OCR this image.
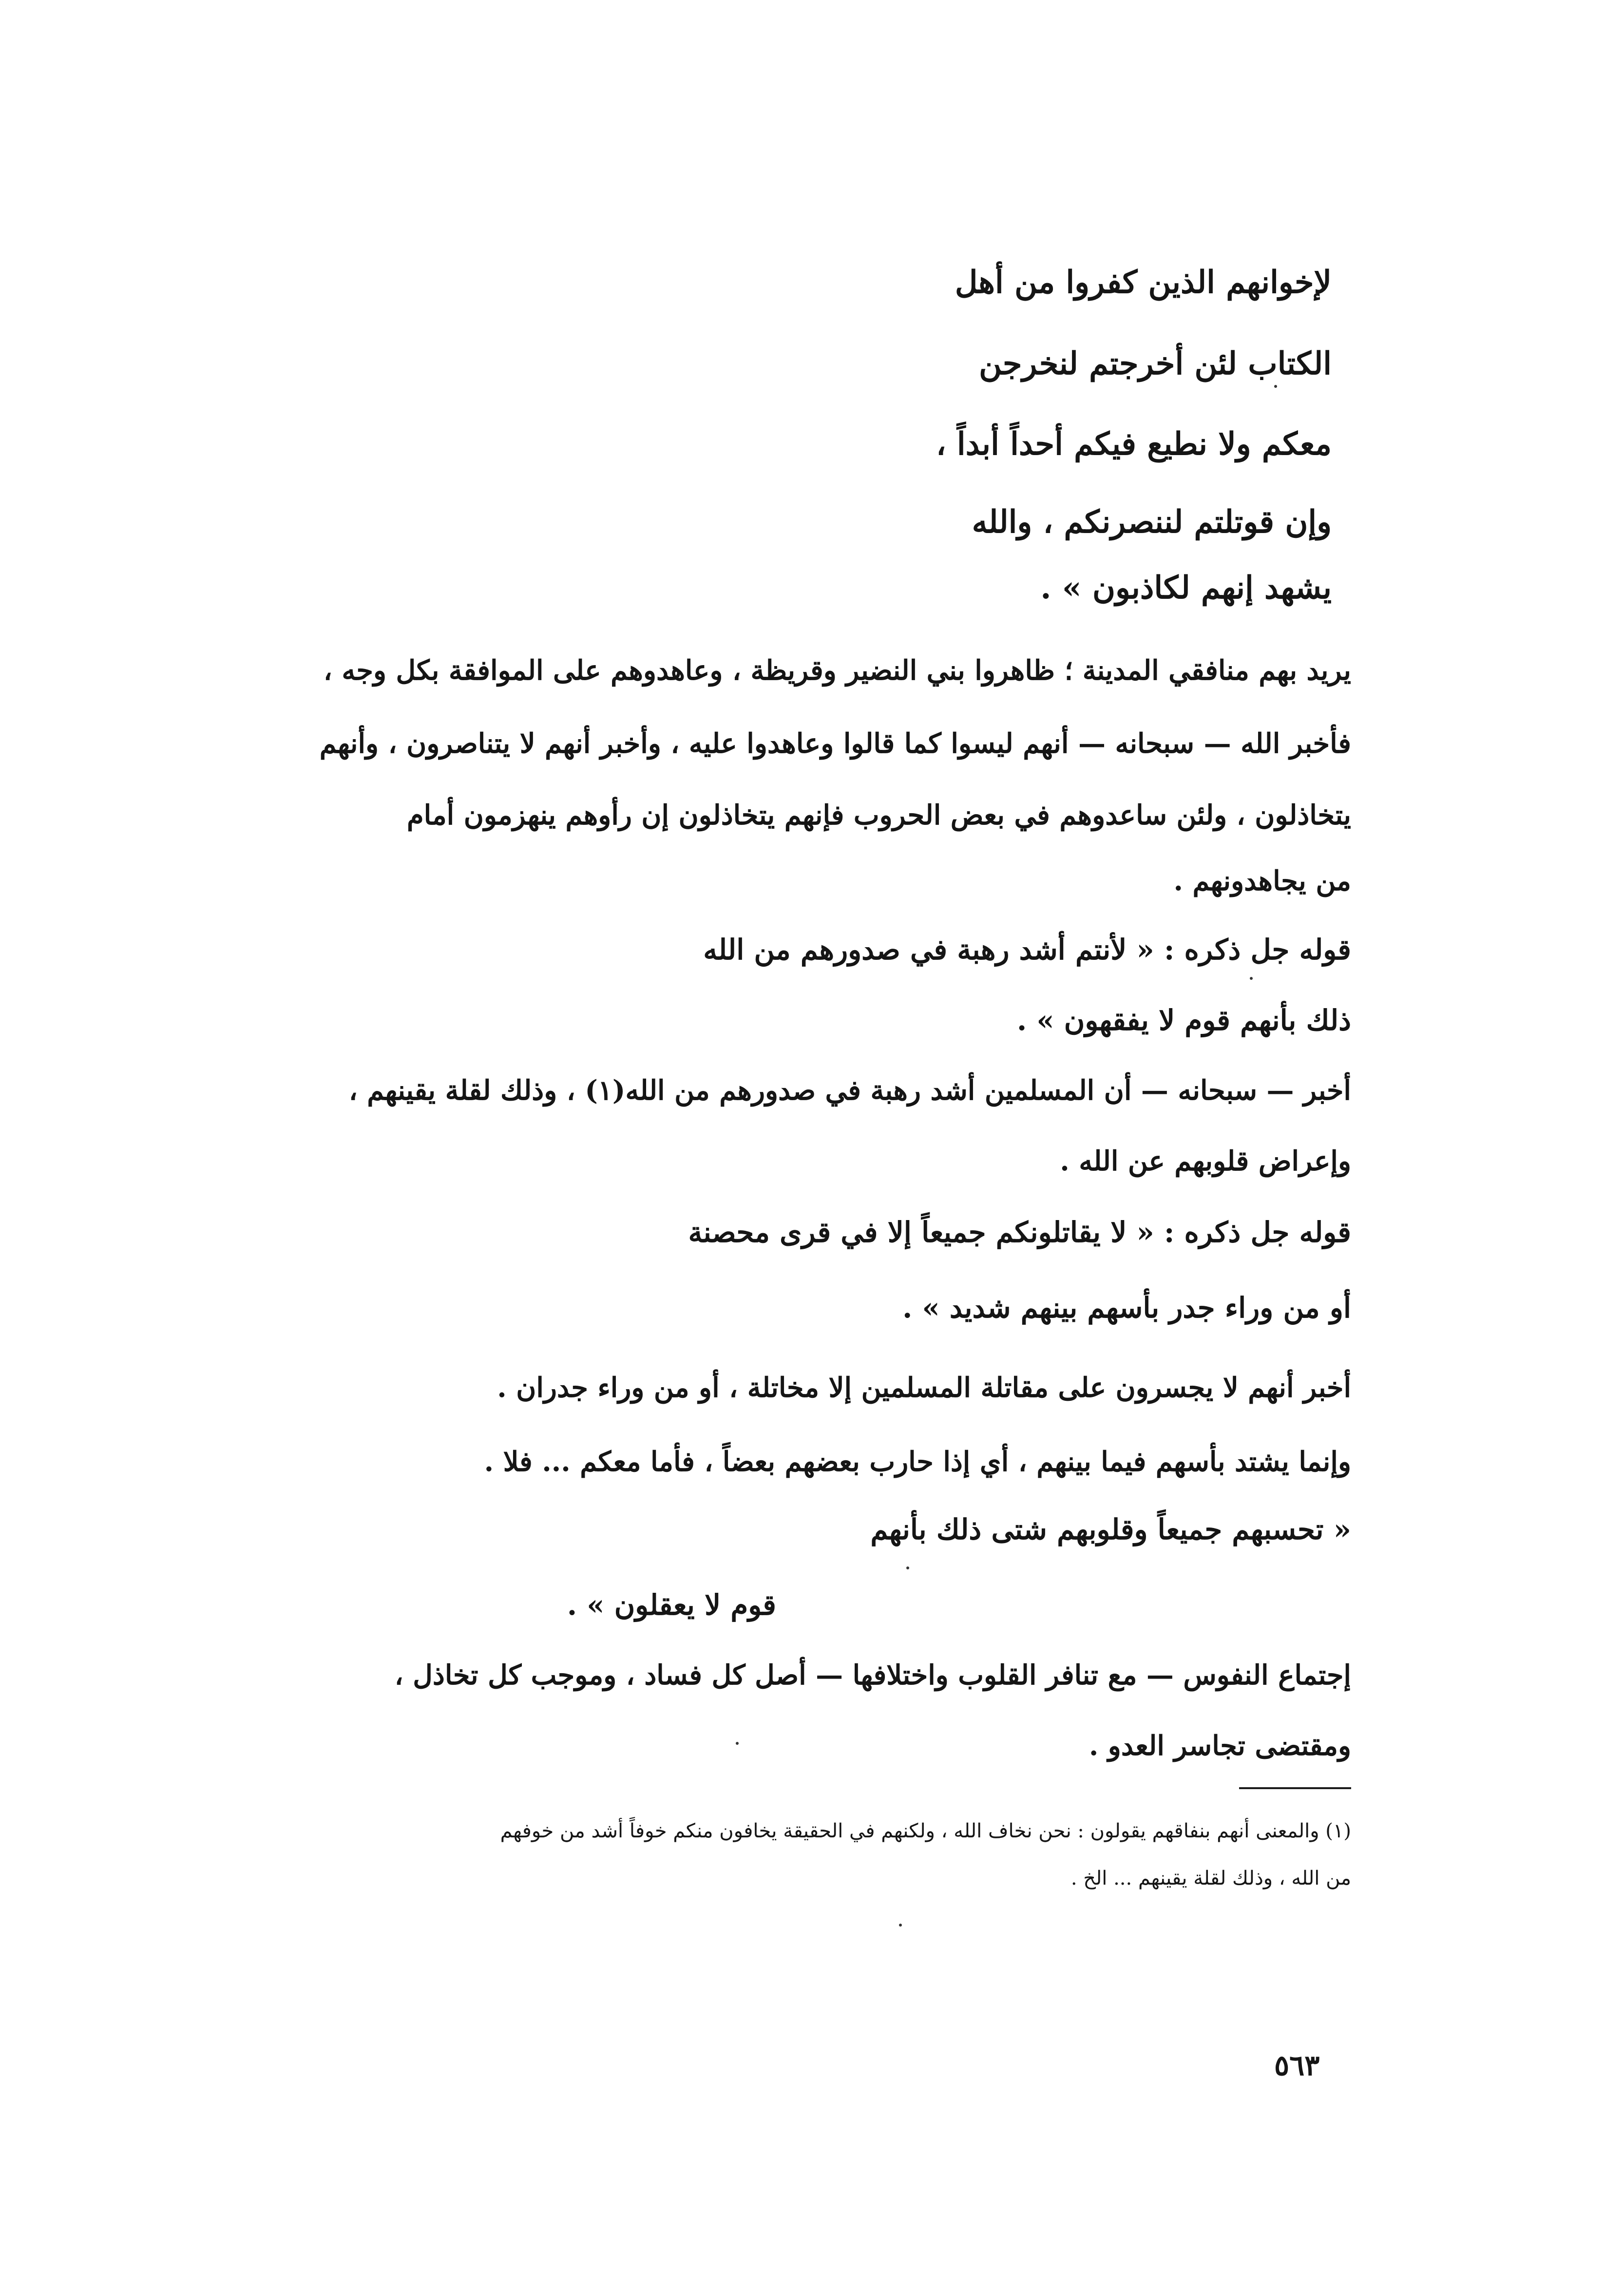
لإخوانهم الذين كفروا من أهل
الكتاب لئن أخرجتم لنخرجن
معكم ولا نطيع فيكم أحداً أبداً ،
وإن قوتلتم لننصرنكم ، والله
يشهد إنهم لكاذبون » .
يريد بهم منافقي المدينة ؛ ظاهروا بني النضير وقريظة ، وعاهدوهم على الموافقة بكل وجه ،
فأخبر الله — سبحانه — أنهم ليسوا كما قالوا وعاهدوا عليه ، وأخبر أنهم لا يتناصرون ، وأنهم
يتخاذلون ، ولئن ساعدوهم في بعض الحروب فإنهم يتخاذلون إن رأوهم ينهزمون أمام
من يجاهدونهم .
قوله جل ذكره : « لأنتم أشد رهبة في صدورهم من الله
ذلك بأنهم قوم لا يفقهون » .
أخبر — سبحانه — أن المسلمين أشد رهبة في صدورهم من الله(١) ، وذلك لقلة يقينهم ،
وإعراض قلوبهم عن الله .
قوله جل ذكره : « لا يقاتلونكم جميعاً إلا في قرى محصنة
أو من وراء جدر بأسهم بينهم شديد » .
أخبر أنهم لا يجسرون على مقاتلة المسلمين إلا مخاتلة ، أو من وراء جدران .
وإنما يشتد بأسهم فيما بينهم ، أي إذا حارب بعضهم بعضاً ، فأما معكم ... فلا .
« تحسبهم جميعاً وقلوبهم شتى ذلك بأنهم
قوم لا يعقلون » .
إجتماع النفوس — مع تنافر القلوب واختلافها — أصل كل فساد ، وموجب كل تخاذل ،
ومقتضى تجاسر العدو .
(١) والمعنى أنهم بنفاقهم يقولون : نحن نخاف الله ، ولكنهم في الحقيقة يخافون منكم خوفاً أشد من خوفهم
من الله ، وذلك لقلة يقينهم ... الخ .
٥٦٣
